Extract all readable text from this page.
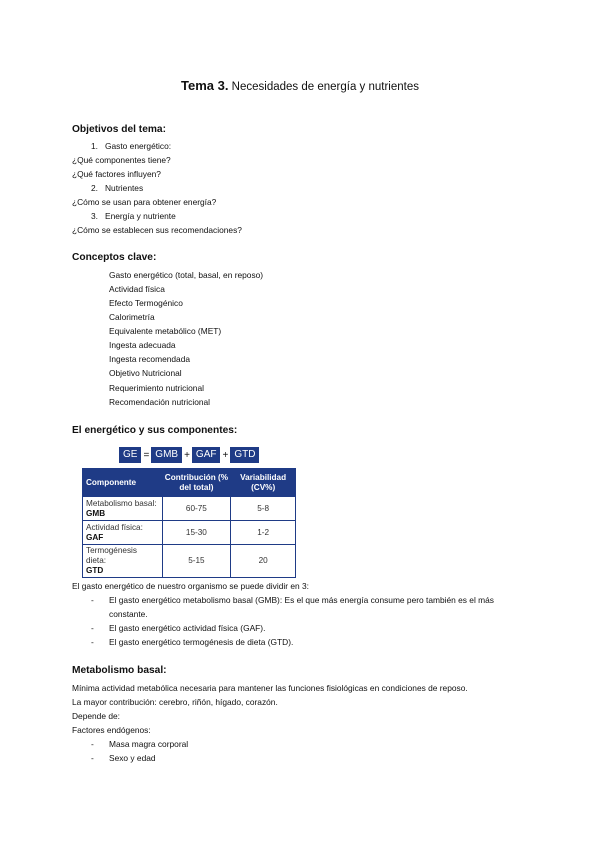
Tema 3. Necesidades de energía y nutrientes
Objetivos del tema:
1. Gasto energético:
¿Qué componentes tiene?
¿Qué factores influyen?
2. Nutrientes
¿Cómo se usan para obtener energía?
3. Energía y nutriente
¿Cómo se establecen sus recomendaciones?
Conceptos clave:
Gasto energético (total, basal, en reposo)
Actividad física
Efecto Termogénico
Calorimetría
Equivalente metabólico (MET)
Ingesta adecuada
Ingesta recomendada
Objetivo Nutricional
Requerimiento nutricional
Recomendación nutricional
El energético y sus componentes:
GE = GMB + GAF + GTD
Componente	Contribución (% del total)	Variabilidad (CV%)
Metabolismo basal:
GMB	60-75	5-8
Actividad física:
GAF	15-30	1-2
Termogénesis dieta:
GTD	5-15	20
El gasto energético de nuestro organismo se puede dividir en 3:
- El gasto energético metabolismo basal (GMB): Es el que más energía consume pero también es el más
constante.
- El gasto energético actividad física (GAF).
- El gasto energético termogénesis de dieta (GTD).
Metabolismo basal:
Mínima actividad metabólica necesaria para mantener las funciones fisiológicas en condiciones de reposo.
La mayor contribución: cerebro, riñón, hígado, corazón.
Depende de:
Factores endógenos:
- Masa magra corporal
- Sexo y edad
